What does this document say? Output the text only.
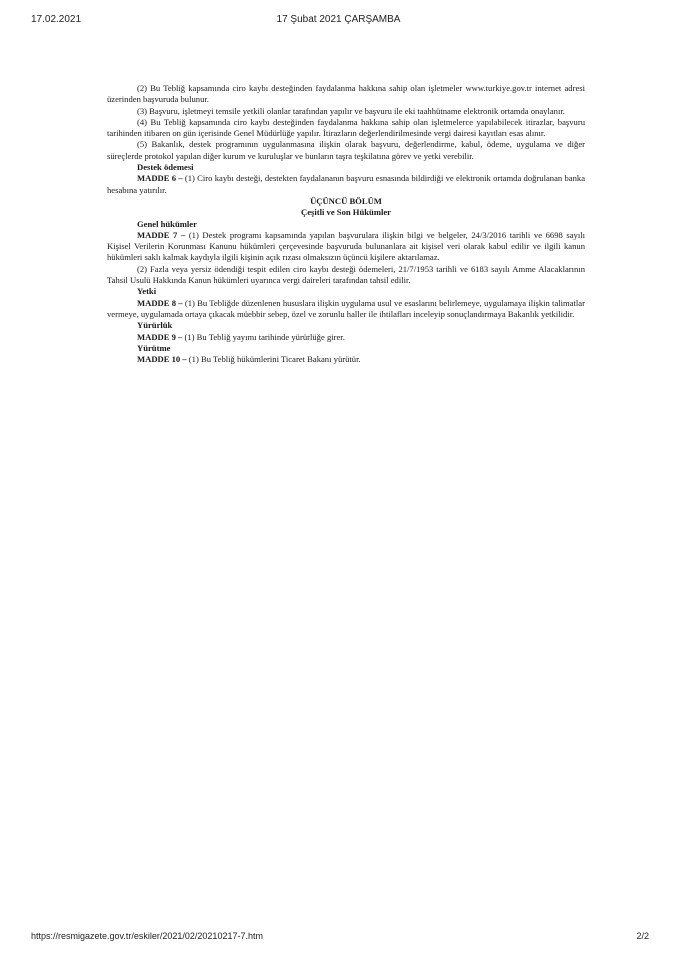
17.02.2021	17 Şubat 2021 ÇARŞAMBA

(2) Bu Tebliğ kapsamında ciro kaybı desteğinden faydalanma hakkına sahip olan işletmeler www.turkiye.gov.tr internet adresi üzerinden başvuruda bulunur.

(3) Başvuru, işletmeyi temsile yetkili olanlar tarafından yapılır ve başvuru ile eki taahhütname elektronik ortamda onaylanır.

(4) Bu Tebliğ kapsamında ciro kaybı desteğinden faydalanma hakkına sahip olan işletmelerce yapılabilecek itirazlar, başvuru tarihinden itibaren on gün içerisinde Genel Müdürlüğe yapılır. İtirazların değerlendirilmesinde vergi dairesi kayıtları esas alınır.

(5) Bakanlık, destek programının uygulanmasına ilişkin olarak başvuru, değerlendirme, kabul, ödeme, uygulama ve diğer süreçlerde protokol yapılan diğer kurum ve kuruluşlar ve bunların taşra teşkilatına görev ve yetki verebilir.

Destek ödemesi

MADDE 6 – (1) Ciro kaybı desteği, destekten faydalananın başvuru esnasında bildirdiği ve elektronik ortamda doğrulanan banka hesabına yatırılır.

ÜÇÜNCÜ BÖLÜM

Çeşitli ve Son Hükümler

Genel hükümler

MADDE 7 – (1) Destek programı kapsamında yapılan başvurulara ilişkin bilgi ve belgeler, 24/3/2016 tarihli ve 6698 sayılı Kişisel Verilerin Korunması Kanunu hükümleri çerçevesinde başvuruda bulunanlara ait kişisel veri olarak kabul edilir ve ilgili kanun hükümleri saklı kalmak kaydıyla ilgili kişinin açık rızası olmaksızın üçüncü kişilere aktarılamaz.

(2) Fazla veya yersiz ödendiği tespit edilen ciro kaybı desteği ödemeleri, 21/7/1953 tarihli ve 6183 sayılı Amme Alacaklarının Tahsil Usulü Hakkında Kanun hükümleri uyarınca vergi daireleri tarafından tahsil edilir.

Yetki

MADDE 8 – (1) Bu Tebliğde düzenlenen hususlara ilişkin uygulama usul ve esaslarını belirlemeye, uygulamaya ilişkin talimatlar vermeye, uygulamada ortaya çıkacak müebbir sebep, özel ve zorunlu haller ile ihtilafları inceleyip sonuçlandırmaya Bakanlık yetkilidir.

Yürürlük

MADDE 9 – (1) Bu Tebliğ yayımı tarihinde yürürlüğe girer.

Yürütme

MADDE 10 – (1) Bu Tebliğ hükümlerini Ticaret Bakanı yürütür.

https://resmigazete.gov.tr/eskiler/2021/02/20210217-7.htm	2/2
